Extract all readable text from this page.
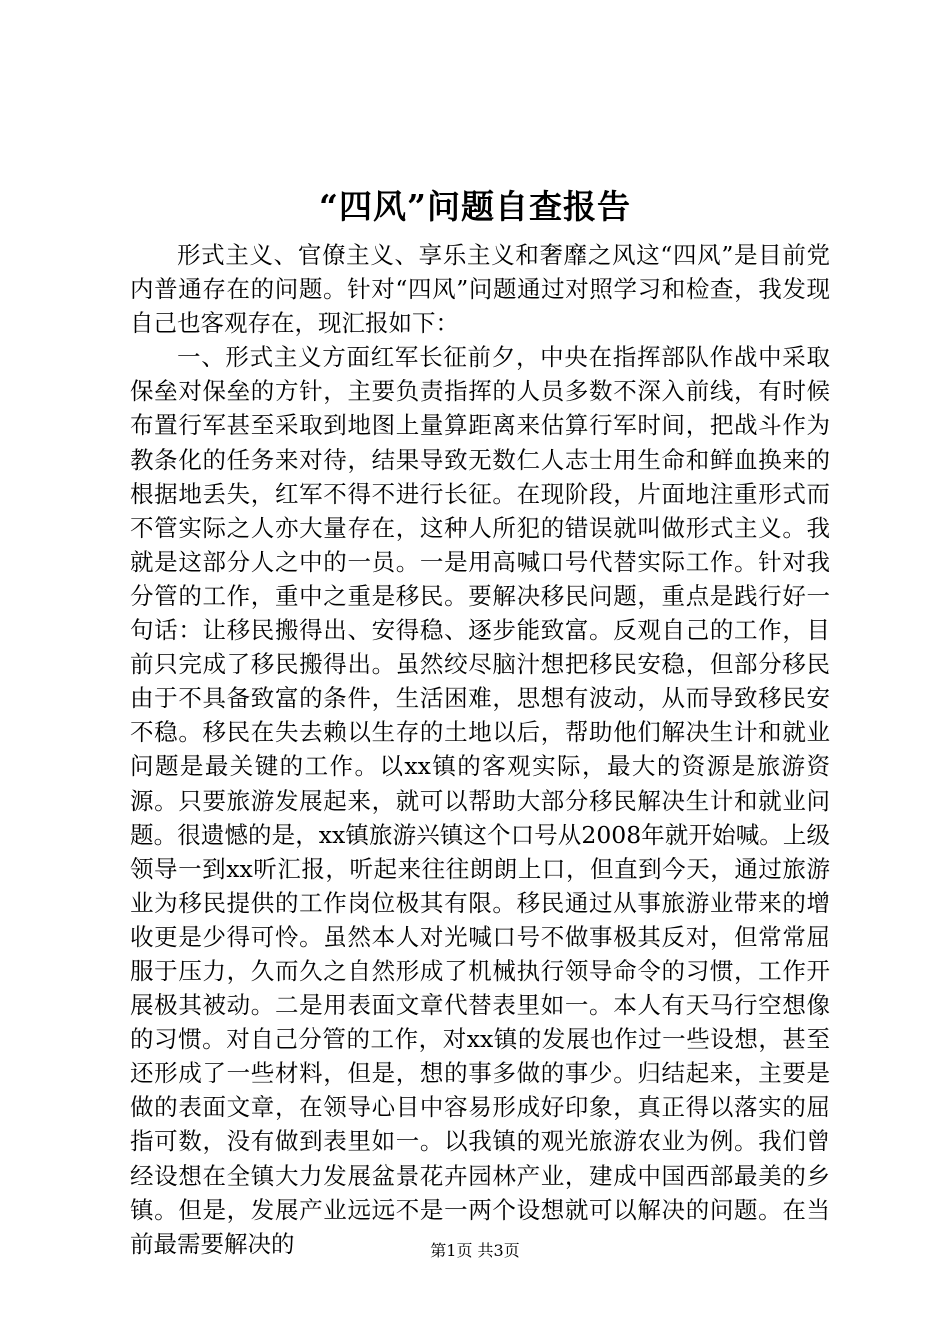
“四风”问题自查报告

形式主义、官僚主义、享乐主义和奢靡之风这“四风”是目前党内普通存在的问题。针对“四风”问题通过对照学习和检查，我发现自己也客观存在，现汇报如下：

一、形式主义方面红军长征前夕，中央在指挥部队作战中采取保垒对保垒的方针，主要负责指挥的人员多数不深入前线，有时候布置行军甚至采取到地图上量算距离来估算行军时间，把战斗作为教条化的任务来对待，结果导致无数仁人志士用生命和鲜血换来的根据地丢失，红军不得不进行长征。在现阶段，片面地注重形式而不管实际之人亦大量存在，这种人所犯的错误就叫做形式主义。我就是这部分人之中的一员。一是用高喊口号代替实际工作。针对我分管的工作，重中之重是移民。要解决移民问题，重点是践行好一句话：让移民搬得出、安得稳、逐步能致富。反观自己的工作，目前只完成了移民搬得出。虽然绞尽脑汁想把移民安稳，但部分移民由于不具备致富的条件，生活困难，思想有波动，从而导致移民安不稳。移民在失去赖以生存的土地以后，帮助他们解决生计和就业问题是最关键的工作。以xx镇的客观实际，最大的资源是旅游资源。只要旅游发展起来，就可以帮助大部分移民解决生计和就业问题。很遗憾的是，xx镇旅游兴镇这个口号从2008年就开始喊。上级领导一到xx听汇报，听起来往往朗朗上口，但直到今天，通过旅游业为移民提供的工作岗位极其有限。移民通过从事旅游业带来的增收更是少得可怜。虽然本人对光喊口号不做事极其反对，但常常屈服于压力，久而久之自然形成了机械执行领导命令的习惯，工作开展极其被动。二是用表面文章代替表里如一。本人有天马行空想像的习惯。对自己分管的工作，对xx镇的发展也作过一些设想，甚至还形成了一些材料，但是，想的事多做的事少。归结起来，主要是做的表面文章，在领导心目中容易形成好印象，真正得以落实的屈指可数，没有做到表里如一。以我镇的观光旅游农业为例。我们曾经设想在全镇大力发展盆景花卉园林产业，建成中国西部最美的乡镇。但是，发展产业远远不是一两个设想就可以解决的问题。在当前最需要解决的	第1页 共3页
